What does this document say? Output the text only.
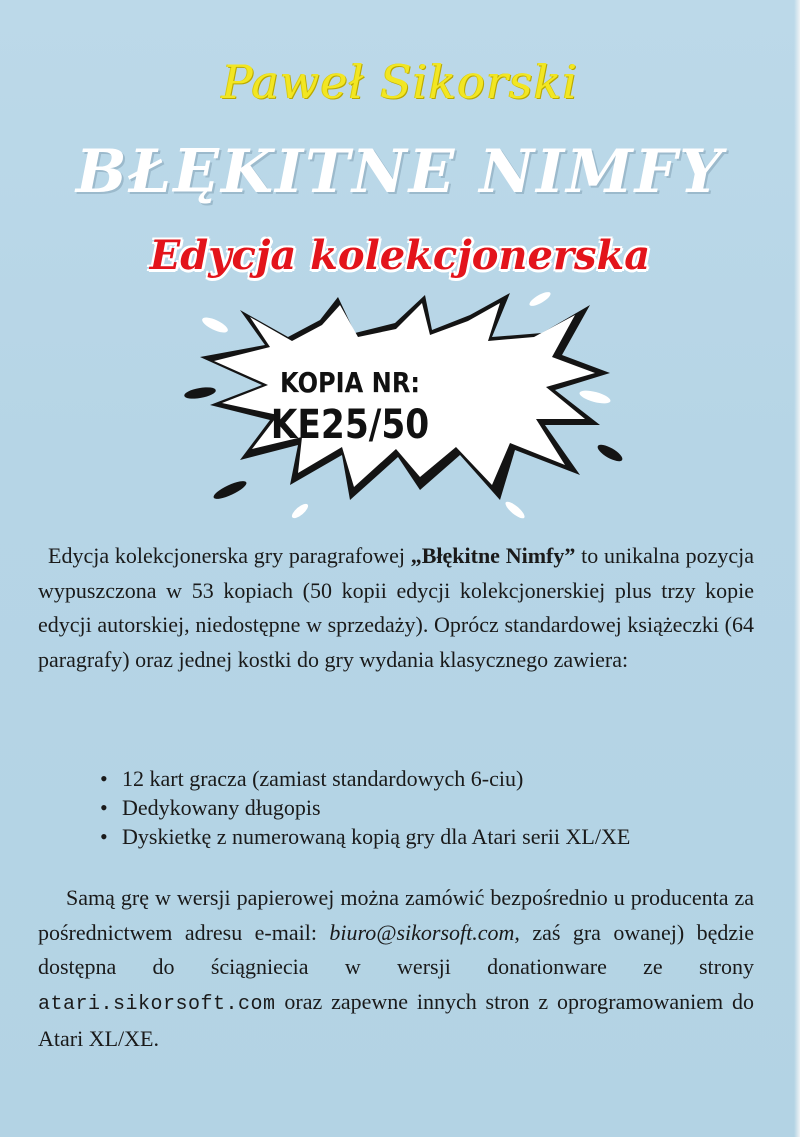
Paweł Sikorski
BŁĘKITNE NIMFY
Edycja kolekcjonerska
KOPIA NR:
KE25/50
Edycja kolekcjonerska gry paragrafowej „Błękitne Nimfy” to unikalna pozycja wypuszczona w 53 kopiach (50 kopii edycji kolekcjonerskiej plus trzy kopie edycji autorskiej, niedostępne w sprzedaży). Oprócz standardowej książeczki (64 paragrafy) oraz jednej kostki do gry wydania klasycznego zawiera:
• 12 kart gracza (zamiast standardowych 6-ciu)
• Dedykowany długopis
• Dyskietkę z numerowaną kopią gry dla Atari serii XL/XE
Samą grę w wersji papierowej można zamówić bezpośrednio u producenta za pośrednictwem adresu e-mail: biuro@sikorsoft.com, zaś gra owanej) będzie dostępna do ściągniecia w wersji donationware ze strony atari.sikorsoft.com oraz zapewne innych stron z oprogramowaniem do Atari XL/XE.
